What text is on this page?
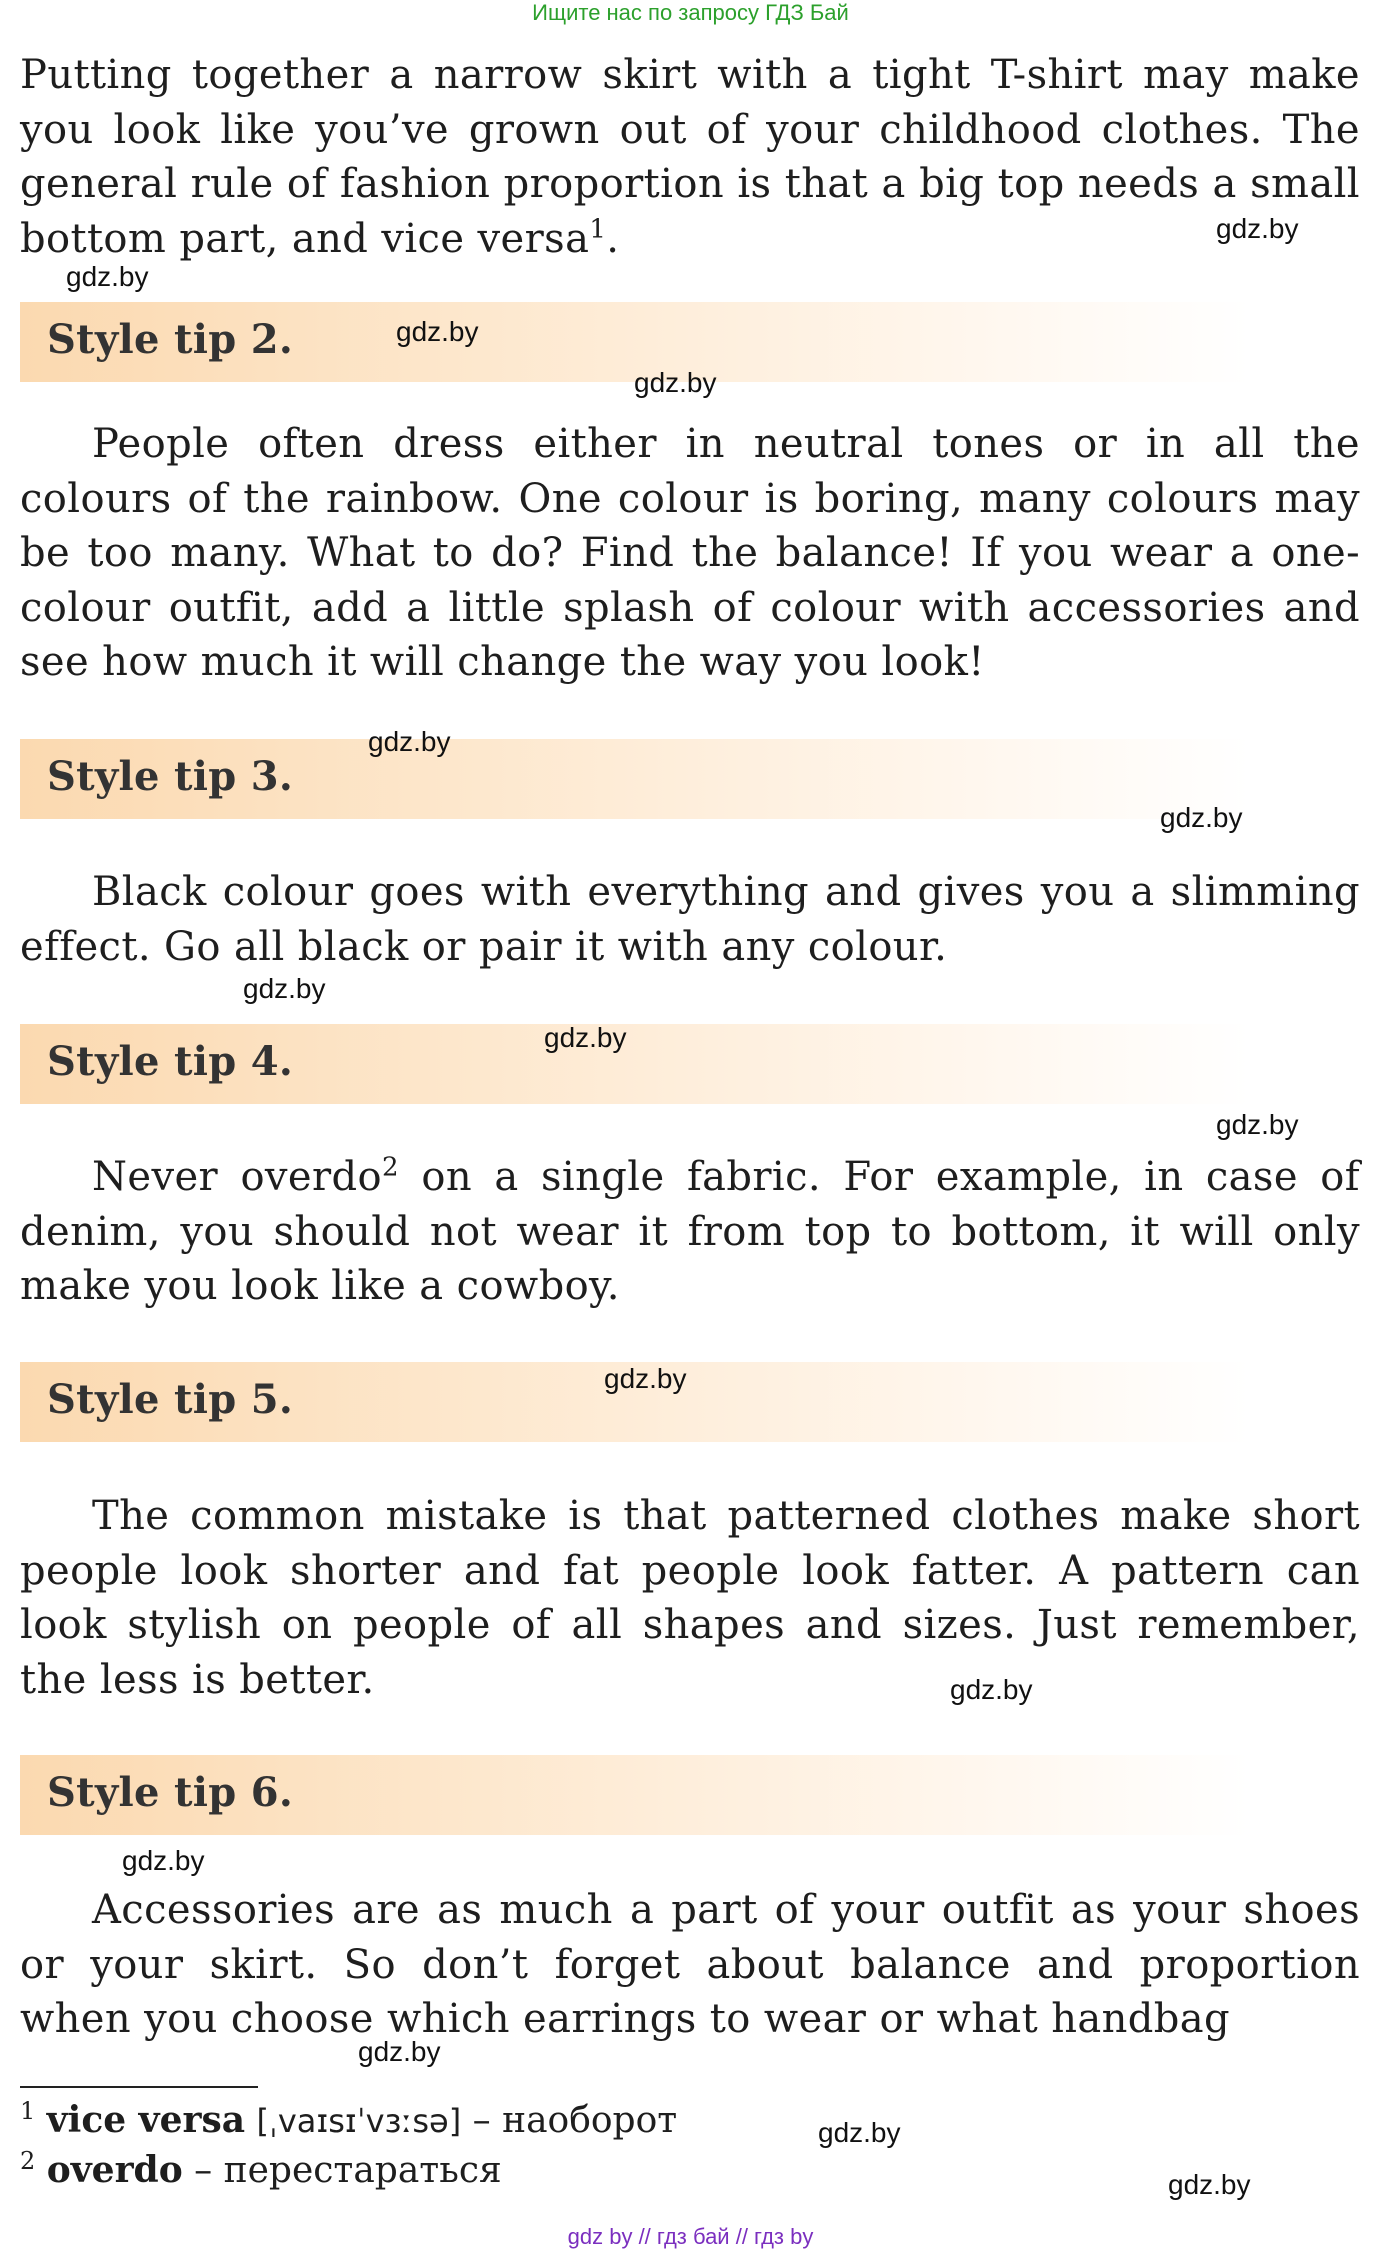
Ищите нас по запросу ГДЗ Бай

Putting together a narrow skirt with a tight T-shirt may make you look like you’ve grown out of your childhood clothes. The general rule of fashion proportion is that a big top needs a small bottom part, and vice versa$^1$.

Style tip 2.

People often dress either in neutral tones or in all the colours of the rainbow. One colour is boring, many colours may be too many. What to do? Find the balance! If you wear a one-colour outfit, add a little splash of colour with accessories and see how much it will change the way you look!

Style tip 3.

Black colour goes with everything and gives you a slimming effect. Go all black or pair it with any colour.

Style tip 4.

Never overdo$^2$ on a single fabric. For example, in case of denim, you should not wear it from top to bottom, it will only make you look like a cowboy.

Style tip 5.

The common mistake is that patterned clothes make short people look shorter and fat people look fatter. A pattern can look stylish on people of all shapes and sizes. Just remember, the less is better.

Style tip 6.

Accessories are as much a part of your outfit as your shoes or your skirt. So don’t forget about balance and proportion when you choose which earrings to wear or what handbag

$^1$ vice versa [ˌvaɪsɪˈvɜːsə] – наоборот
$^2$ overdo – перестараться
gdz.by
gdz.by
gdz.by
gdz.by
gdz.by
gdz.by
gdz.by
gdz.by
gdz.by
gdz.by
gdz.by
gdz.by
gdz.by
gdz.by
gdz.by
gdz by // гдз бай // гдз by
